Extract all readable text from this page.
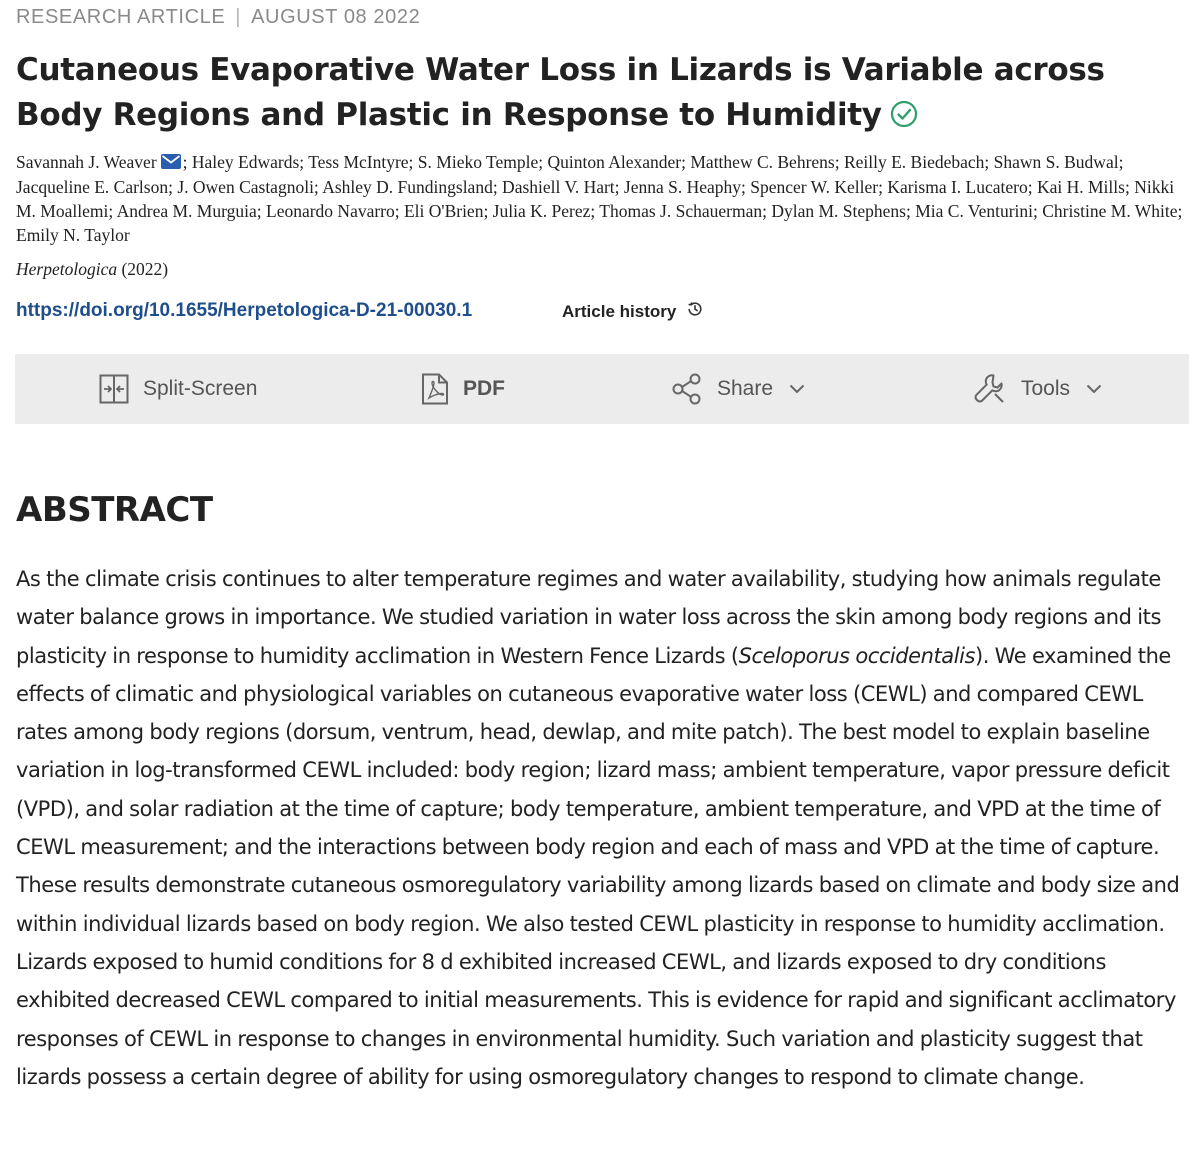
RESEARCH ARTICLE | AUGUST 08 2022
Cutaneous Evaporative Water Loss in Lizards is Variable across Body Regions and Plastic in Response to Humidity
Savannah J. Weaver ; Haley Edwards; Tess McIntyre; S. Mieko Temple; Quinton Alexander; Matthew C. Behrens; Reilly E. Biedebach; Shawn S. Budwal; Jacqueline E. Carlson; J. Owen Castagnoli; Ashley D. Fundingsland; Dashiell V. Hart; Jenna S. Heaphy; Spencer W. Keller; Karisma I. Lucatero; Kai H. Mills; Nikki M. Moallemi; Andrea M. Murguia; Leonardo Navarro; Eli O'Brien; Julia K. Perez; Thomas J. Schauerman; Dylan M. Stephens; Mia C. Venturini; Christine M. White; Emily N. Taylor
Herpetologica (2022)
https://doi.org/10.1655/Herpetologica-D-21-00030.1	Article history
Split-Screen	PDF	Share	Tools
ABSTRACT

As the climate crisis continues to alter temperature regimes and water availability, studying how animals regulate water balance grows in importance. We studied variation in water loss across the skin among body regions and its plasticity in response to humidity acclimation in Western Fence Lizards (Sceloporus occidentalis). We examined the effects of climatic and physiological variables on cutaneous evaporative water loss (CEWL) and compared CEWL rates among body regions (dorsum, ventrum, head, dewlap, and mite patch). The best model to explain baseline variation in log-transformed CEWL included: body region; lizard mass; ambient temperature, vapor pressure deficit (VPD), and solar radiation at the time of capture; body temperature, ambient temperature, and VPD at the time of CEWL measurement; and the interactions between body region and each of mass and VPD at the time of capture. These results demonstrate cutaneous osmoregulatory variability among lizards based on climate and body size and within individual lizards based on body region. We also tested CEWL plasticity in response to humidity acclimation. Lizards exposed to humid conditions for 8 d exhibited increased CEWL, and lizards exposed to dry conditions exhibited decreased CEWL compared to initial measurements. This is evidence for rapid and significant acclimatory responses of CEWL in response to changes in environmental humidity. Such variation and plasticity suggest that lizards possess a certain degree of ability for using osmoregulatory changes to respond to climate change.
